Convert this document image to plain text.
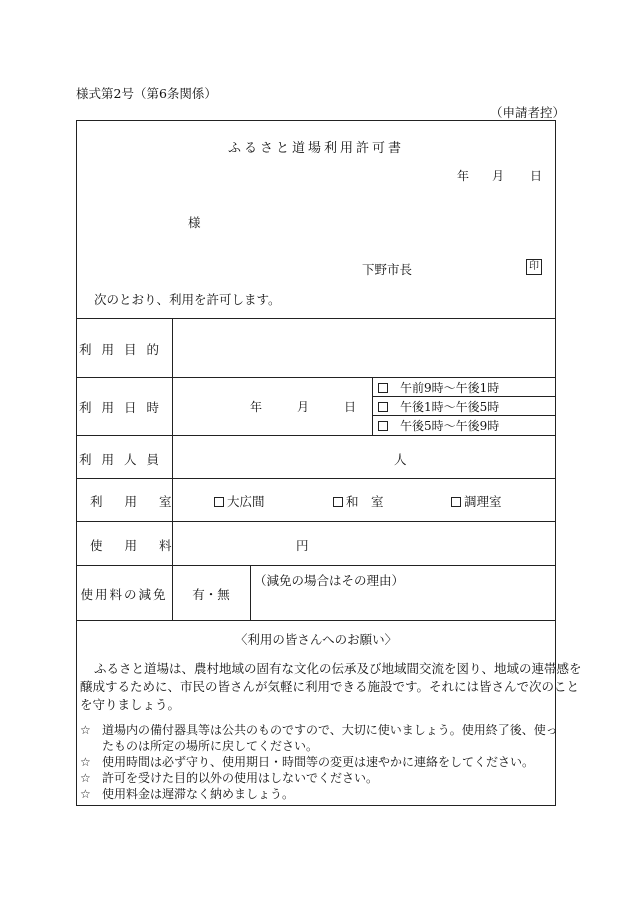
様式第2号（第6条関係）
（申請者控）
ふるさと道場利用許可書
年 月 日
様
下野市長	印
次のとおり、利用を許可します。
利用目的
利用日時	年	月	日
午前9時～午後1時
午後1時～午後5時
午後5時～午後9時
利用人員	人
利用室	大広間	和　室	調理室
使用料	円
使用料の減免	有・無
（減免の場合はその理由）
〈利用の皆さんへのお願い〉
ふるさと道場は、農村地域の固有な文化の伝承及び地域間交流を図り、地域の連帯感を
醸成するために、市民の皆さんが気軽に利用できる施設です。それには皆さんで次のこと
を守りましょう。
☆ 道場内の備付器具等は公共のものですので、大切に使いましょう。使用終了後、使っ
たものは所定の場所に戻してください。
☆ 使用時間は必ず守り、使用期日・時間等の変更は速やかに連絡をしてください。
☆ 許可を受けた目的以外の使用はしないでください。
☆ 使用料金は遅滞なく納めましょう。
